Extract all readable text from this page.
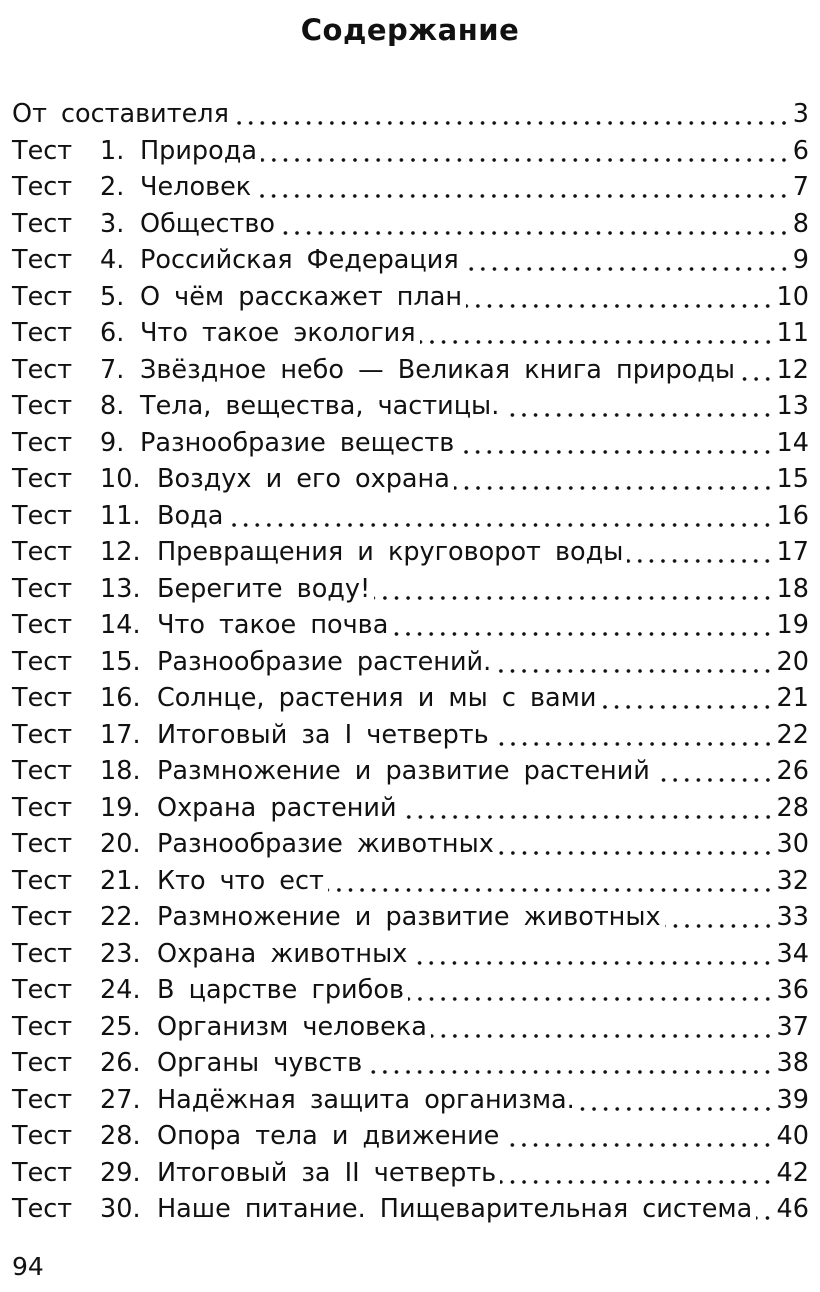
Содержание
От составителя	3
Тест	1. Природа	6
Тест	2. Человек	7
Тест	3. Общество	8
Тест	4. Российская Федерация	9
Тест	5. О чём расскажет план	10
Тест	6. Что такое экология	11
Тест	7. Звёздное небо — Великая книга природы 12
Тест	8. Тела, вещества, частицы.	13
Тест	9. Разнообразие веществ	14
Тест	10. Воздух и его охрана	15
Тест	11. Вода	16
Тест	12. Превращения и круговорот воды	17
Тест	13. Берегите воду!	18
Тест	14. Что такое почва	19
Тест	15. Разнообразие растений.	20
Тест	16. Солнце, растения и мы с вами	21
Тест	17. Итоговый за I четверть	22
Тест	18. Размножение и развитие растений	26
Тест	19. Охрана растений	28
Тест	20. Разнообразие животных	30
Тест	21. Кто что ест	32
Тест	22. Размножение и развитие животных	33
Тест	23. Охрана животных	34
Тест	24. В царстве грибов	36
Тест	25. Организм человека	37
Тест	26. Органы чувств	38
Тест	27. Надёжная защита организма.	39
Тест	28. Опора тела и движение	40
Тест	29. Итоговый за II четверть	42
Тест	30. Наше питание. Пищеварительная система 46
94
